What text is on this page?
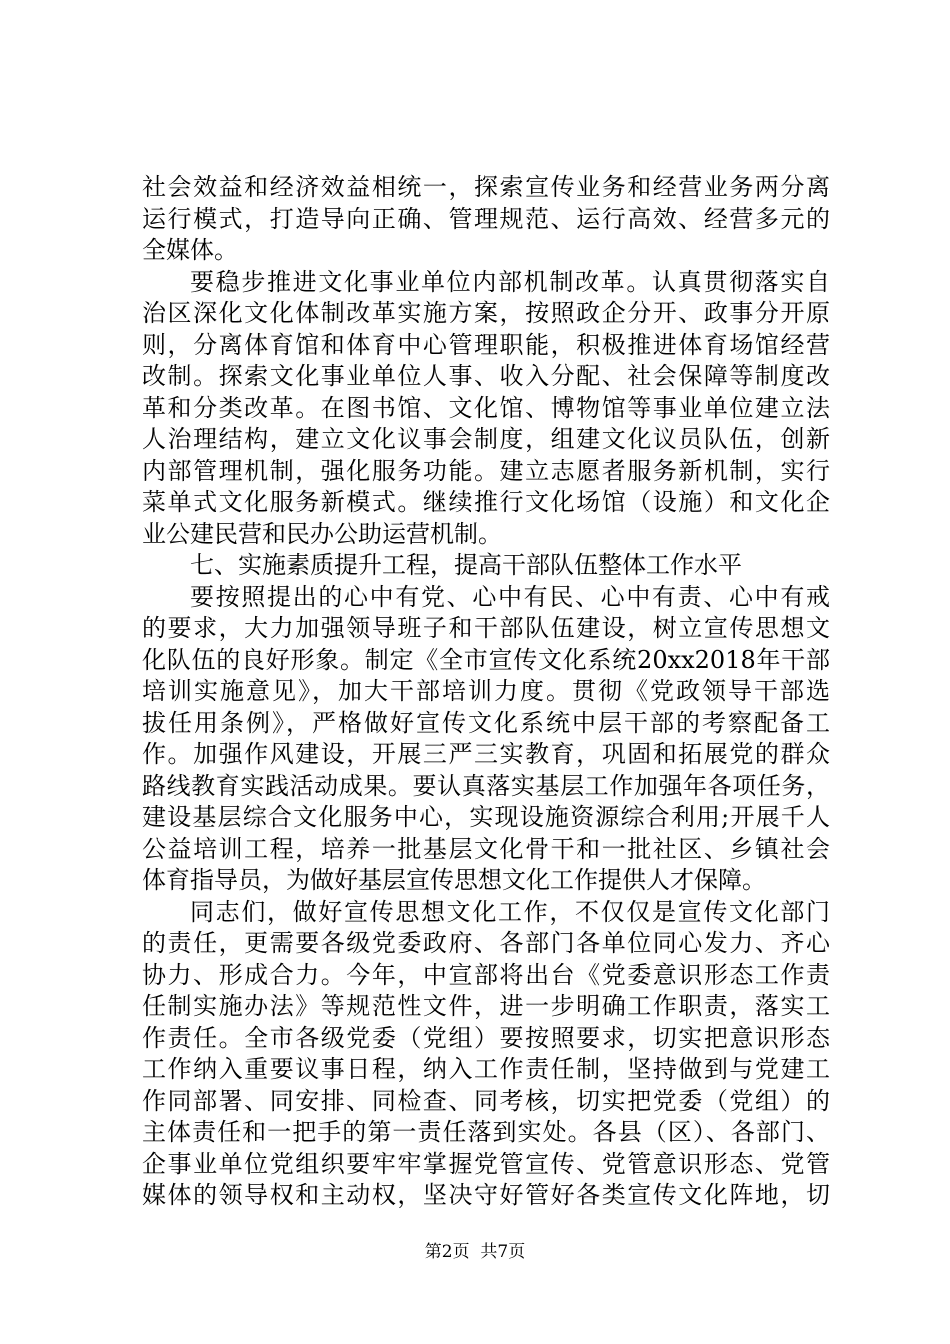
社会效益和经济效益相统一，探索宣传业务和经营业务两分离
运行模式，打造导向正确、管理规范、运行高效、经营多元的
全媒体。
要稳步推进文化事业单位内部机制改革。认真贯彻落实自
治区深化文化体制改革实施方案，按照政企分开、政事分开原
则，分离体育馆和体育中心管理职能，积极推进体育场馆经营
改制。探索文化事业单位人事、收入分配、社会保障等制度改
革和分类改革。在图书馆、文化馆、博物馆等事业单位建立法
人治理结构，建立文化议事会制度，组建文化议员队伍，创新
内部管理机制，强化服务功能。建立志愿者服务新机制，实行
菜单式文化服务新模式。继续推行文化场馆（设施）和文化企
业公建民营和民办公助运营机制。
七、实施素质提升工程，提高干部队伍整体工作水平
要按照提出的心中有党、心中有民、心中有责、心中有戒
的要求，大力加强领导班子和干部队伍建设，树立宣传思想文
化队伍的良好形象。制定《全市宣传文化系统20xx2018年干部
培训实施意见》，加大干部培训力度。贯彻《党政领导干部选
拔任用条例》，严格做好宣传文化系统中层干部的考察配备工
作。加强作风建设，开展三严三实教育，巩固和拓展党的群众
路线教育实践活动成果。要认真落实基层工作加强年各项任务，
建设基层综合文化服务中心，实现设施资源综合利用;开展千人
公益培训工程，培养一批基层文化骨干和一批社区、乡镇社会
体育指导员，为做好基层宣传思想文化工作提供人才保障。
同志们，做好宣传思想文化工作，不仅仅是宣传文化部门
的责任，更需要各级党委政府、各部门各单位同心发力、齐心
协力、形成合力。今年，中宣部将出台《党委意识形态工作责
任制实施办法》等规范性文件，进一步明确工作职责，落实工
作责任。全市各级党委（党组）要按照要求，切实把意识形态
工作纳入重要议事日程，纳入工作责任制，坚持做到与党建工
作同部署、同安排、同检查、同考核，切实把党委（党组）的
主体责任和一把手的第一责任落到实处。各县（区）、各部门、
企事业单位党组织要牢牢掌握党管宣传、党管意识形态、党管
媒体的领导权和主动权，坚决守好管好各类宣传文化阵地，切
第2页  共7页
